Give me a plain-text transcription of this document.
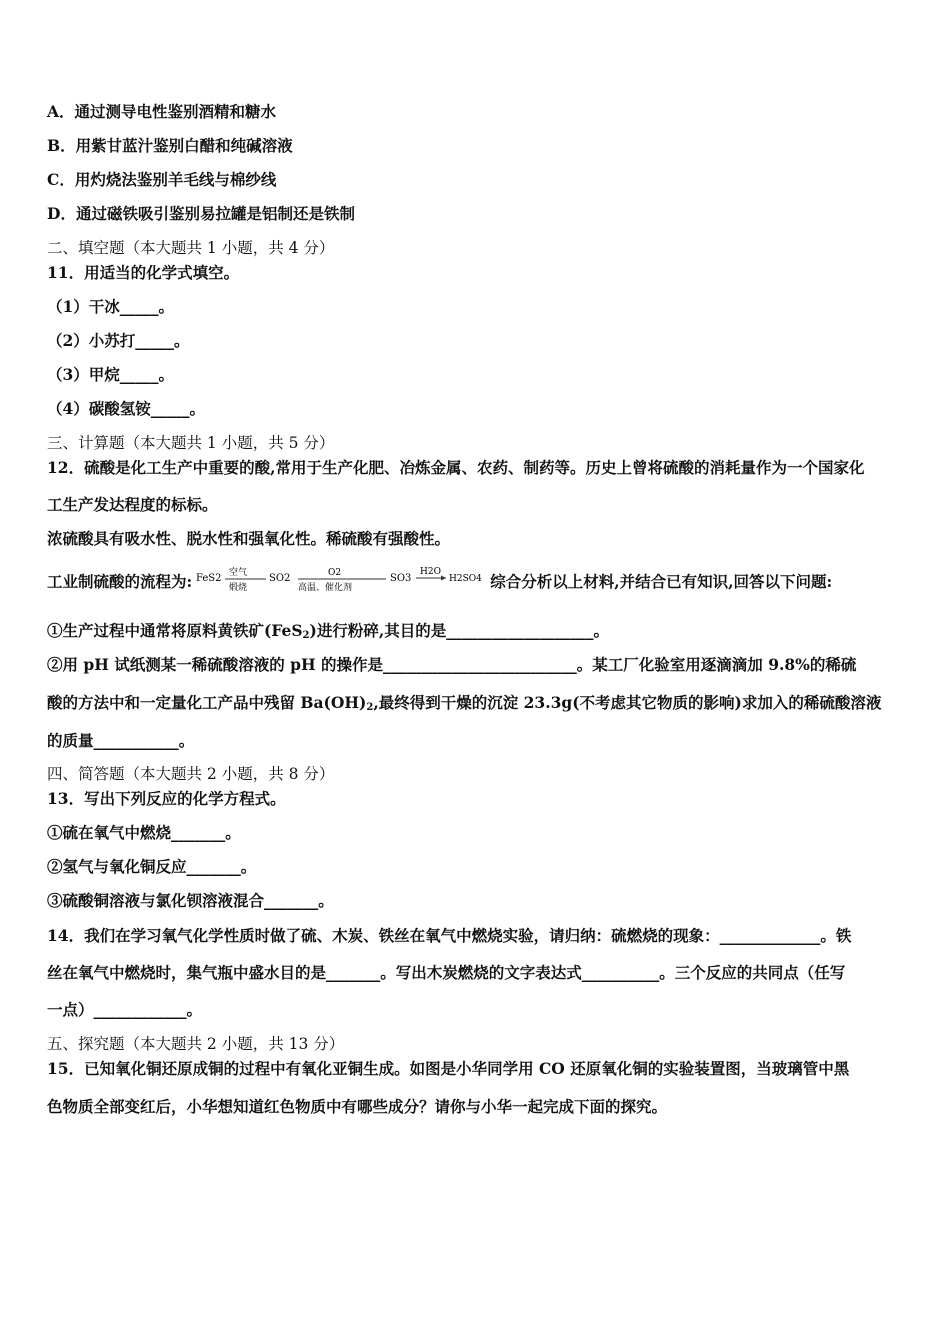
A．通过测导电性鉴别酒精和糖水
B．用紫甘蓝汁鉴别白醋和纯碱溶液
C．用灼烧法鉴别羊毛线与棉纱线
D．通过磁铁吸引鉴别易拉罐是铝制还是铁制
二、填空题（本大题共 1 小题，共 4 分）
11．用适当的化学式填空。
（1）干冰_____。
（2）小苏打_____。
（3）甲烷_____。
（4）碳酸氢铵_____。
三、计算题（本大题共 1 小题，共 5 分）
12．硫酸是化工生产中重要的酸,常用于生产化肥、冶炼金属、农药、制药等。历史上曾将硫酸的消耗量作为一个国家化
工生产发达程度的标标。
浓硫酸具有吸水性、脱水性和强氧化性。稀硫酸有强酸性。
工业制硫酸的流程为: FeS2 空气
煅烧
SO2	O2
高温、催化剂
SO3
H2O
H2SO4 综合分析以上材料,并结合已有知识,回答以下问题:
①生产过程中通常将原料黄铁矿(FeS$_2$)进行粉碎,其目的是___________________。
②用 pH 试纸测某一稀硫酸溶液的 pH 的操作是_________________________。某工厂化验室用逐滴滴加 9.8%的稀硫
酸的方法中和一定量化工产品中残留 $Ba(OH)_2$,最终得到干燥的沉淀 23.3g(不考虑其它物质的影响)求加入的稀硫酸溶液
的质量___________。
四、简答题（本大题共 2 小题，共 8 分）
13．写出下列反应的化学方程式。
①硫在氧气中燃烧_______。
②氢气与氧化铜反应_______。
③硫酸铜溶液与氯化钡溶液混合_______。
14．我们在学习氧气化学性质时做了硫、木炭、铁丝在氧气中燃烧实验，请归纳：硫燃烧的现象：_____________。铁
丝在氧气中燃烧时，集气瓶中盛水目的是_______。写出木炭燃烧的文字表达式__________。三个反应的共同点（任写
一点）____________。
五、探究题（本大题共 2 小题，共 13 分）
15．已知氧化铜还原成铜的过程中有氧化亚铜生成。如图是小华同学用 CO 还原氧化铜的实验装置图，当玻璃管中黑
色物质全部变红后，小华想知道红色物质中有哪些成分？请你与小华一起完成下面的探究。
